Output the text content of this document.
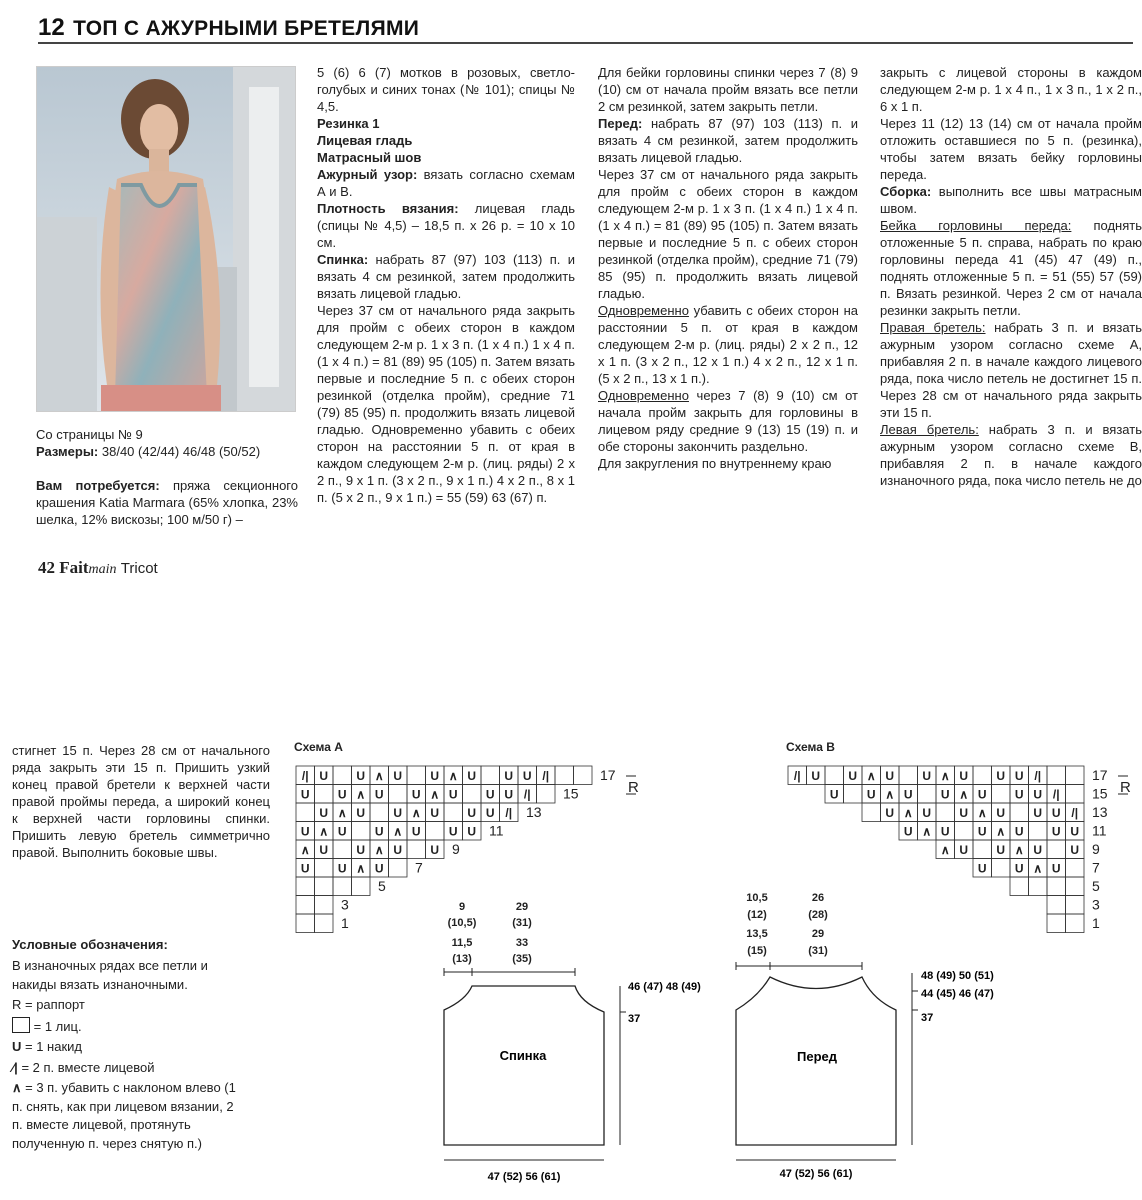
12 ТОП С АЖУРНЫМИ БРЕТЕЛЯМИ

Со страницы № 9

Размеры: 38/40 (42/44) 46/48 (50/52)

Вам потребуется: пряжа секционного крашения Katia Marmara (65% хлопка, 23% шелка, 12% вискозы; 100 м/50 г) –

5 (6) 6 (7) мотков в розовых, светло-голубых и синих тонах (№ 101); спицы № 4,5.

Резинка 1

Лицевая гладь

Матрасный шов

Ажурный узор: вязать согласно схемам А и В.

Плотность вязания: лицевая гладь (спицы № 4,5) – 18,5 п. х 26 р. = 10 х 10 см.

Спинка: набрать 87 (97) 103 (113) п. и вязать 4 см резинкой, затем продолжить вязать лицевой гладью.

Через 37 см от начального ряда закрыть для пройм с обеих сторон в каждом следующем 2-м р. 1 х 3 п. (1 х 4 п.) 1 х 4 п. (1 х 4 п.) = 81 (89) 95 (105) п. Затем вязать первые и последние 5 п. с обеих сторон резинкой (отделка пройм), средние 71 (79) 85 (95) п. продолжить вязать лицевой гладью. Одновременно убавить с обеих сторон на расстоянии 5 п. от края в каждом следующем 2-м р. (лиц. ряды) 2 х 2 п., 9 х 1 п. (3 х 2 п., 9 х 1 п.) 4 х 2 п., 8 х 1 п. (5 х 2 п., 9 х 1 п.) = 55 (59) 63 (67) п.

Для бейки горловины спинки через 7 (8) 9 (10) см от начала пройм вязать все петли 2 см резинкой, затем закрыть петли.

Перед: набрать 87 (97) 103 (113) п. и вязать 4 см резинкой, затем продолжить вязать лицевой гладью.

Через 37 см от начального ряда закрыть для пройм с обеих сторон в каждом следующем 2-м р. 1 х 3 п. (1 х 4 п.) 1 х 4 п. (1 х 4 п.) = 81 (89) 95 (105) п. Затем вязать первые и последние 5 п. с обеих сторон резинкой (отделка пройм), средние 71 (79) 85 (95) п. продолжить вязать лицевой гладью.

Одновременно убавить с обеих сторон на расстоянии 5 п. от края в каждом следующем 2-м р. (лиц. ряды) 2 х 2 п., 12 х 1 п. (3 х 2 п., 12 х 1 п.) 4 х 2 п., 12 х 1 п. (5 х 2 п., 13 х 1 п.).

Одновременно через 7 (8) 9 (10) см от начала пройм закрыть для горловины в лицевом ряду средние 9 (13) 15 (19) п. и обе стороны закончить раздельно.

Для закругления по внутреннему краю

закрыть с лицевой стороны в каждом следующем 2-м р. 1 х 4 п., 1 х 3 п., 1 х 2 п., 6 х 1 п.

Через 11 (12) 13 (14) см от начала пройм отложить оставшиеся по 5 п. (резинка), чтобы затем вязать бейку горловины переда.

Сборка: выполнить все швы матрасным швом.

Бейка горловины переда: поднять отложенные 5 п. справа, набрать по краю горловины переда 41 (45) 47 (49) п., поднять отложенные 5 п. = 51 (55) 57 (59) п. Вязать резинкой. Через 2 см от начала резинки закрыть петли.

Правая бретель: набрать 3 п. и вязать ажурным узором согласно схеме А, прибавляя 2 п. в начале каждого лицевого ряда, пока число петель не достигнет 15 п. Через 28 см от начального ряда закрыть эти 15 п.

Левая бретель: набрать 3 п. и вязать ажурным узором согласно схеме В, прибавляя 2 п. в начале каждого изнаночного ряда, пока число петель не до

42 Faitmain Tricot

стигнет 15 п. Через 28 см от начального ряда закрыть эти 15 п. Пришить узкий конец правой бретели к верхней части правой проймы переда, а широкий конец к верхней части горловины спинки. Пришить левую бретель симметрично правой. Выполнить боковые швы.

Условные обозначения:

В изнаночных рядах все петли и накиды вязать изнаночными.

R = раппорт

= 1 лиц.

U = 1 накид

⁄| = 2 п. вместе лицевой

∧ = 3 п. убавить с наклоном влево (1 п. снять, как при лицевом вязании, 2 п. вместе лицевой, протянуть полученную п. через снятую п.)

Схема А
17
15
13
11
9
7
5
3
1
/| U U ∧ U U ∧ U U U /|
U U ∧ U U ∧ U U U /|
U ∧ U U ∧ U U U /|
U ∧ U U ∧ U U U
∧ U U ∧ U U
U U ∧ U
R
Схема В
17
15
13
11
9
7
5
3
1
/| U U ∧ U U ∧ U U U /|
U U ∧ U U ∧ U U U /|
U ∧ U U ∧ U U U /|
U ∧ U U ∧ U U U
∧ U U ∧ U U
U U ∧ U
R
9
(10,5)
11,5
(13)
29
(31)
33
(35)
Спинка
46 (47) 48 (49)
37
47 (52) 56 (61)
10,5
(12)
13,5
(15)
26
(28)
29
(31)
Перед
48 (49) 50 (51)
44 (45) 46 (47)
37
47 (52) 56 (61)
